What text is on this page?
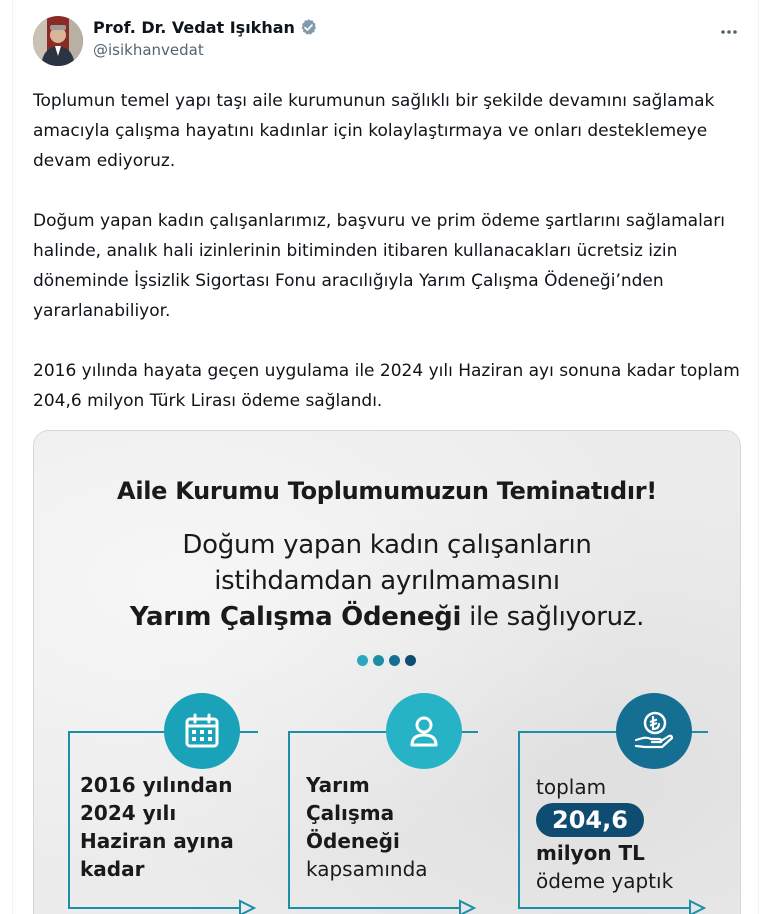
Prof. Dr. Vedat Işıkhan
@isikhanvedat

Toplumun temel yapı taşı aile kurumunun sağlıklı bir şekilde devamını sağlamak amacıyla çalışma hayatını kadınlar için kolaylaştırmaya ve onları desteklemeye devam ediyoruz.

Doğum yapan kadın çalışanlarımız, başvuru ve prim ödeme şartlarını sağlamaları halinde, analık hali izinlerinin bitiminden itibaren kullanacakları ücretsiz izin döneminde İşsizlik Sigortası Fonu aracılığıyla Yarım Çalışma Ödeneği’nden yararlanabiliyor.

2016 yılında hayata geçen uygulama ile 2024 yılı Haziran ayı sonuna kadar toplam 204,6 milyon Türk Lirası ödeme sağlandı.

Aile Kurumu Toplumumuzun Teminatıdır!
Doğum yapan kadın çalışanların
istihdamdan ayrılmamasını
Yarım Çalışma Ödeneği ile sağlıyoruz.
2016 yılından
2024 yılı
Haziran ayına
kadar
Yarım
Çalışma
Ödeneği
kapsamında
toplam
204,6
milyon TL
ödeme yaptık
